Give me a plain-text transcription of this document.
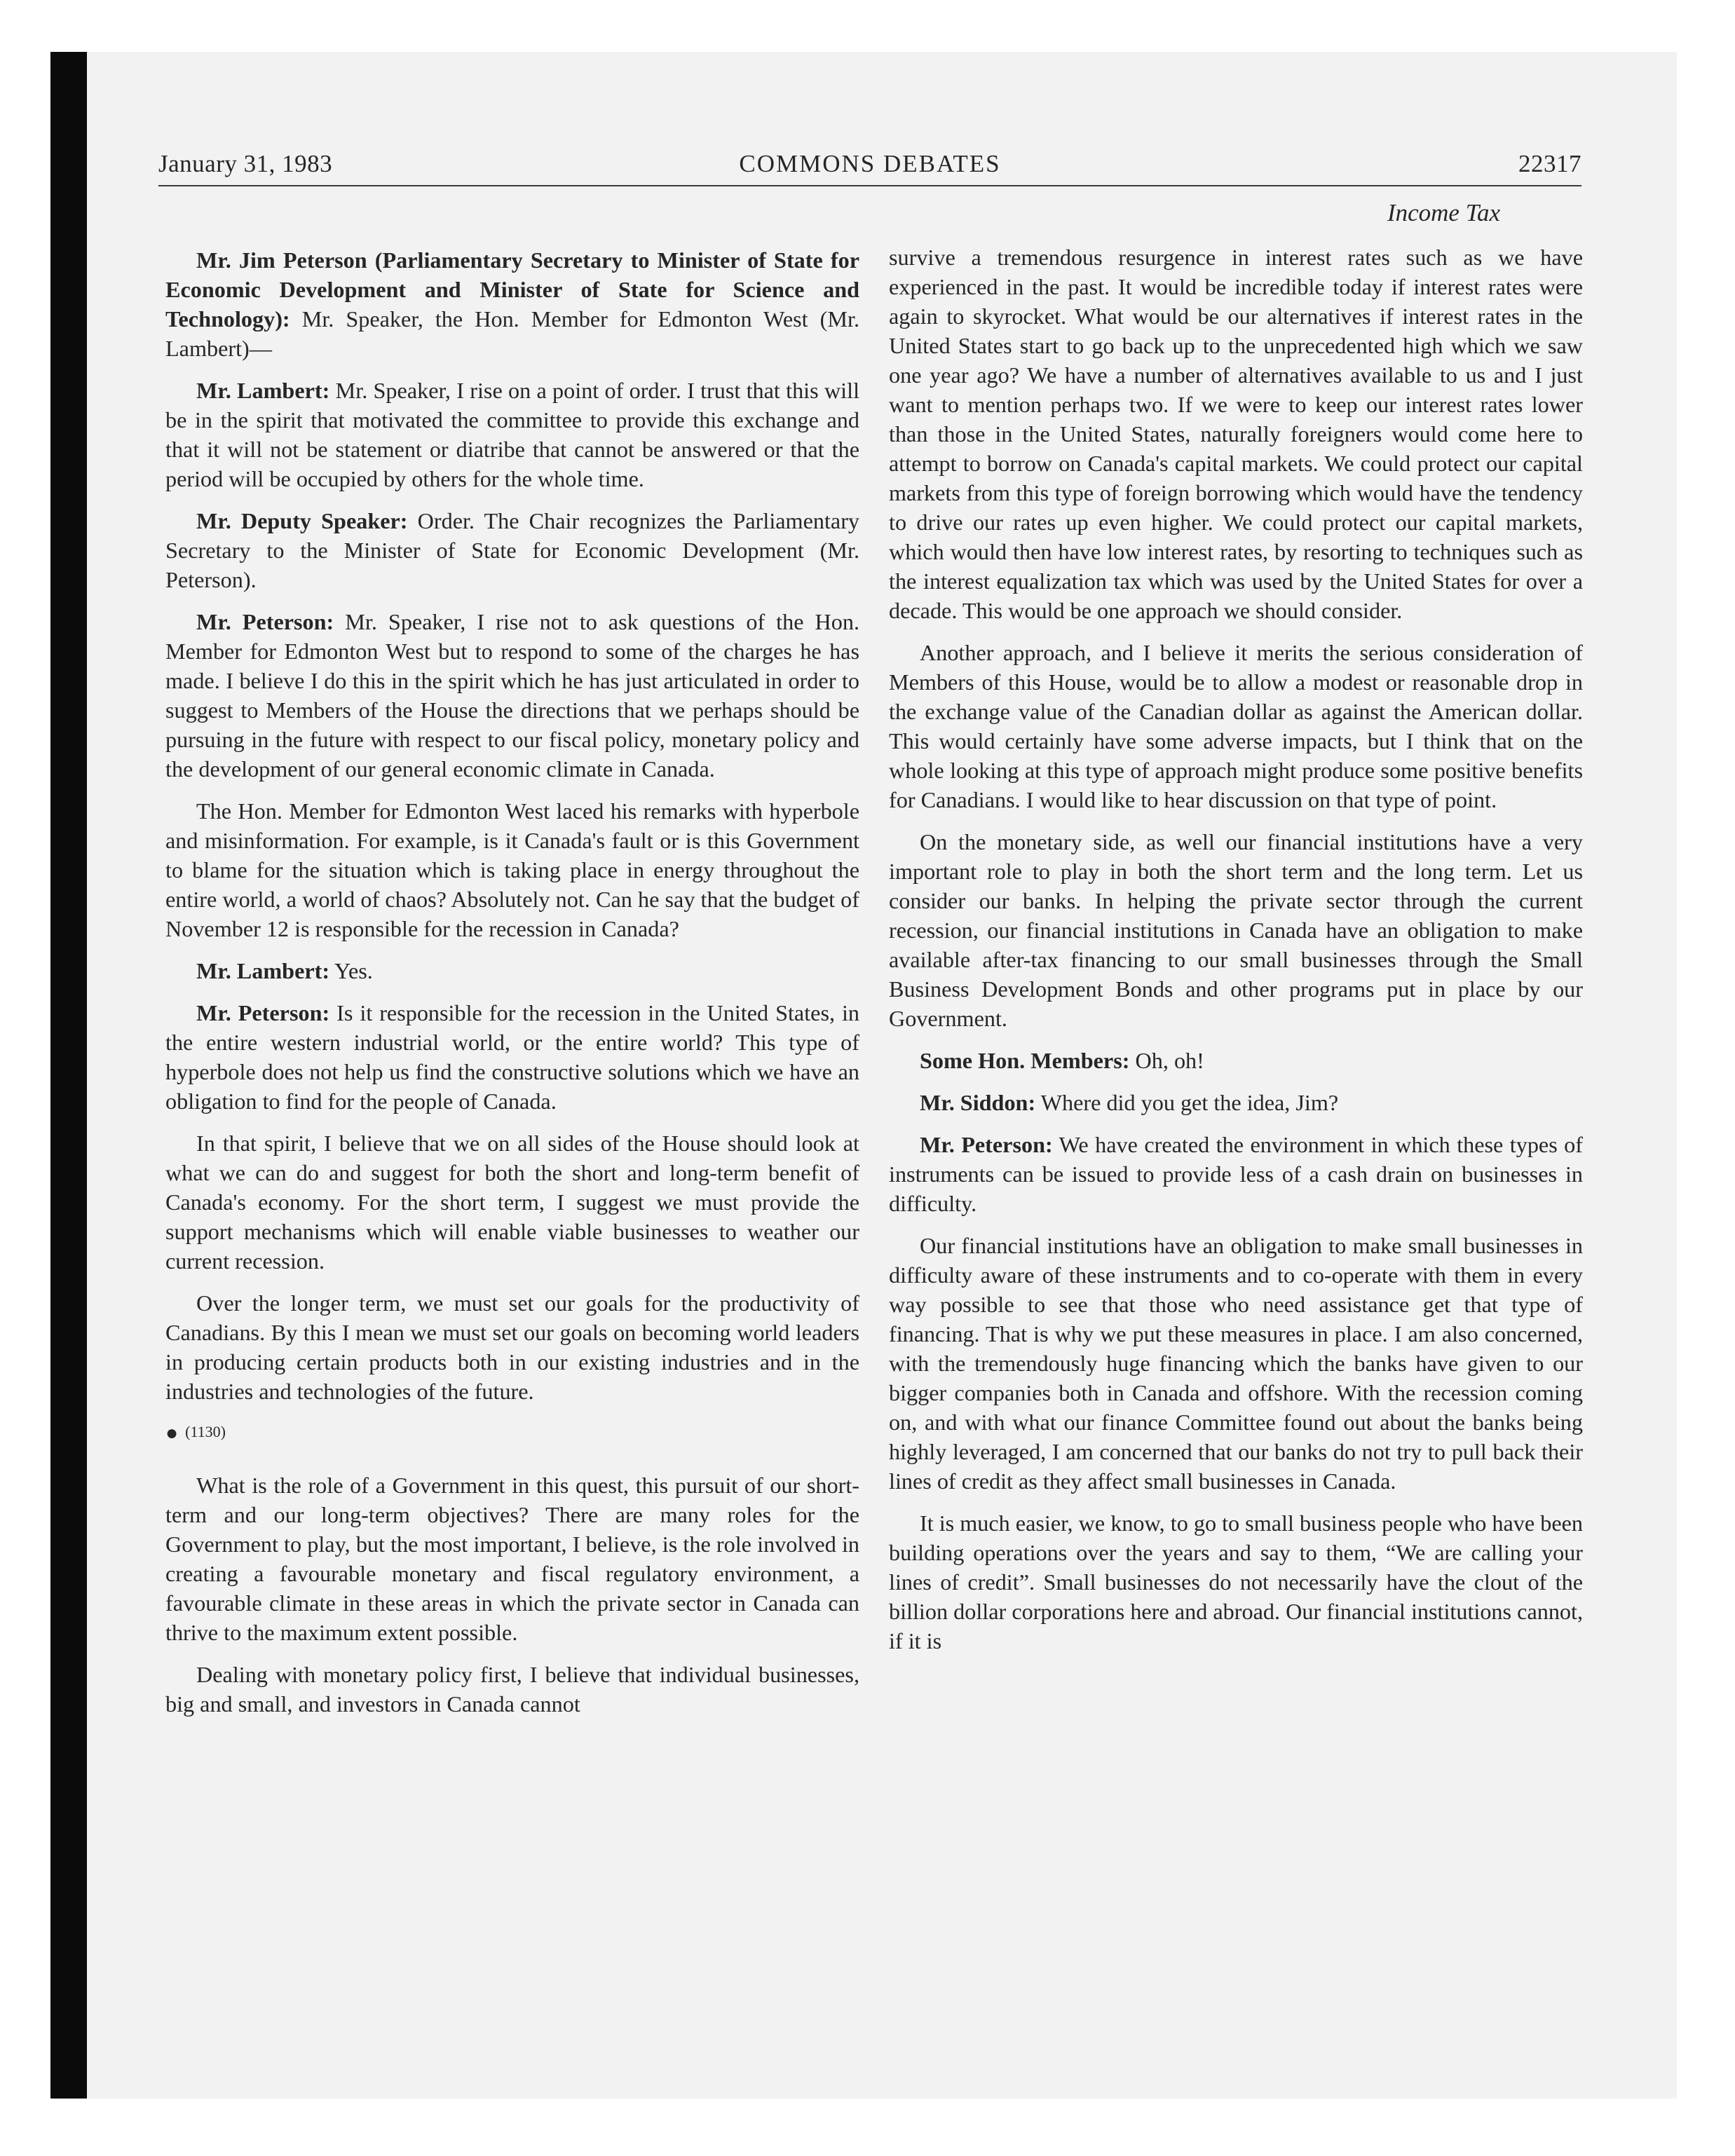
January 31, 1983	COMMONS DEBATES	22317
Income Tax

Mr. Jim Peterson (Parliamentary Secretary to Minister of State for Economic Development and Minister of State for Science and Technology): Mr. Speaker, the Hon. Member for Edmonton West (Mr. Lambert)—

Mr. Lambert: Mr. Speaker, I rise on a point of order. I trust that this will be in the spirit that motivated the committee to provide this exchange and that it will not be statement or diatribe that cannot be answered or that the period will be occupied by others for the whole time.

Mr. Deputy Speaker: Order. The Chair recognizes the Parliamentary Secretary to the Minister of State for Economic Development (Mr. Peterson).

Mr. Peterson: Mr. Speaker, I rise not to ask questions of the Hon. Member for Edmonton West but to respond to some of the charges he has made. I believe I do this in the spirit which he has just articulated in order to suggest to Members of the House the directions that we perhaps should be pursuing in the future with respect to our fiscal policy, monetary policy and the development of our general economic climate in Canada.

The Hon. Member for Edmonton West laced his remarks with hyperbole and misinformation. For example, is it Canada's fault or is this Government to blame for the situation which is taking place in energy throughout the entire world, a world of chaos? Absolutely not. Can he say that the budget of November 12 is responsible for the recession in Canada?

Mr. Lambert: Yes.

Mr. Peterson: Is it responsible for the recession in the United States, in the entire western industrial world, or the entire world? This type of hyperbole does not help us find the constructive solutions which we have an obligation to find for the people of Canada.

In that spirit, I believe that we on all sides of the House should look at what we can do and suggest for both the short and long-term benefit of Canada's economy. For the short term, I suggest we must provide the support mechanisms which will enable viable businesses to weather our current recession.

Over the longer term, we must set our goals for the productivity of Canadians. By this I mean we must set our goals on becoming world leaders in producing certain products both in our existing industries and in the industries and technologies of the future.

● (1130)

What is the role of a Government in this quest, this pursuit of our short-term and our long-term objectives? There are many roles for the Government to play, but the most important, I believe, is the role involved in creating a favourable monetary and fiscal regulatory environment, a favourable climate in these areas in which the private sector in Canada can thrive to the maximum extent possible.

Dealing with monetary policy first, I believe that individual businesses, big and small, and investors in Canada cannot

survive a tremendous resurgence in interest rates such as we have experienced in the past. It would be incredible today if interest rates were again to skyrocket. What would be our alternatives if interest rates in the United States start to go back up to the unprecedented high which we saw one year ago? We have a number of alternatives available to us and I just want to mention perhaps two. If we were to keep our interest rates lower than those in the United States, naturally foreigners would come here to attempt to borrow on Canada's capital markets. We could protect our capital markets from this type of foreign borrowing which would have the tendency to drive our rates up even higher. We could protect our capital markets, which would then have low interest rates, by resorting to techniques such as the interest equalization tax which was used by the United States for over a decade. This would be one approach we should consider.

Another approach, and I believe it merits the serious consideration of Members of this House, would be to allow a modest or reasonable drop in the exchange value of the Canadian dollar as against the American dollar. This would certainly have some adverse impacts, but I think that on the whole looking at this type of approach might produce some positive benefits for Canadians. I would like to hear discussion on that type of point.

On the monetary side, as well our financial institutions have a very important role to play in both the short term and the long term. Let us consider our banks. In helping the private sector through the current recession, our financial institutions in Canada have an obligation to make available after-tax financing to our small businesses through the Small Business Development Bonds and other programs put in place by our Government.

Some Hon. Members: Oh, oh!

Mr. Siddon: Where did you get the idea, Jim?

Mr. Peterson: We have created the environment in which these types of instruments can be issued to provide less of a cash drain on businesses in difficulty.

Our financial institutions have an obligation to make small businesses in difficulty aware of these instruments and to co-operate with them in every way possible to see that those who need assistance get that type of financing. That is why we put these measures in place. I am also concerned, with the tremendously huge financing which the banks have given to our bigger companies both in Canada and offshore. With the recession coming on, and with what our finance Committee found out about the banks being highly leveraged, I am concerned that our banks do not try to pull back their lines of credit as they affect small businesses in Canada.

It is much easier, we know, to go to small business people who have been building operations over the years and say to them, “We are calling your lines of credit”. Small businesses do not necessarily have the clout of the billion dollar corporations here and abroad. Our financial institutions cannot, if it is
